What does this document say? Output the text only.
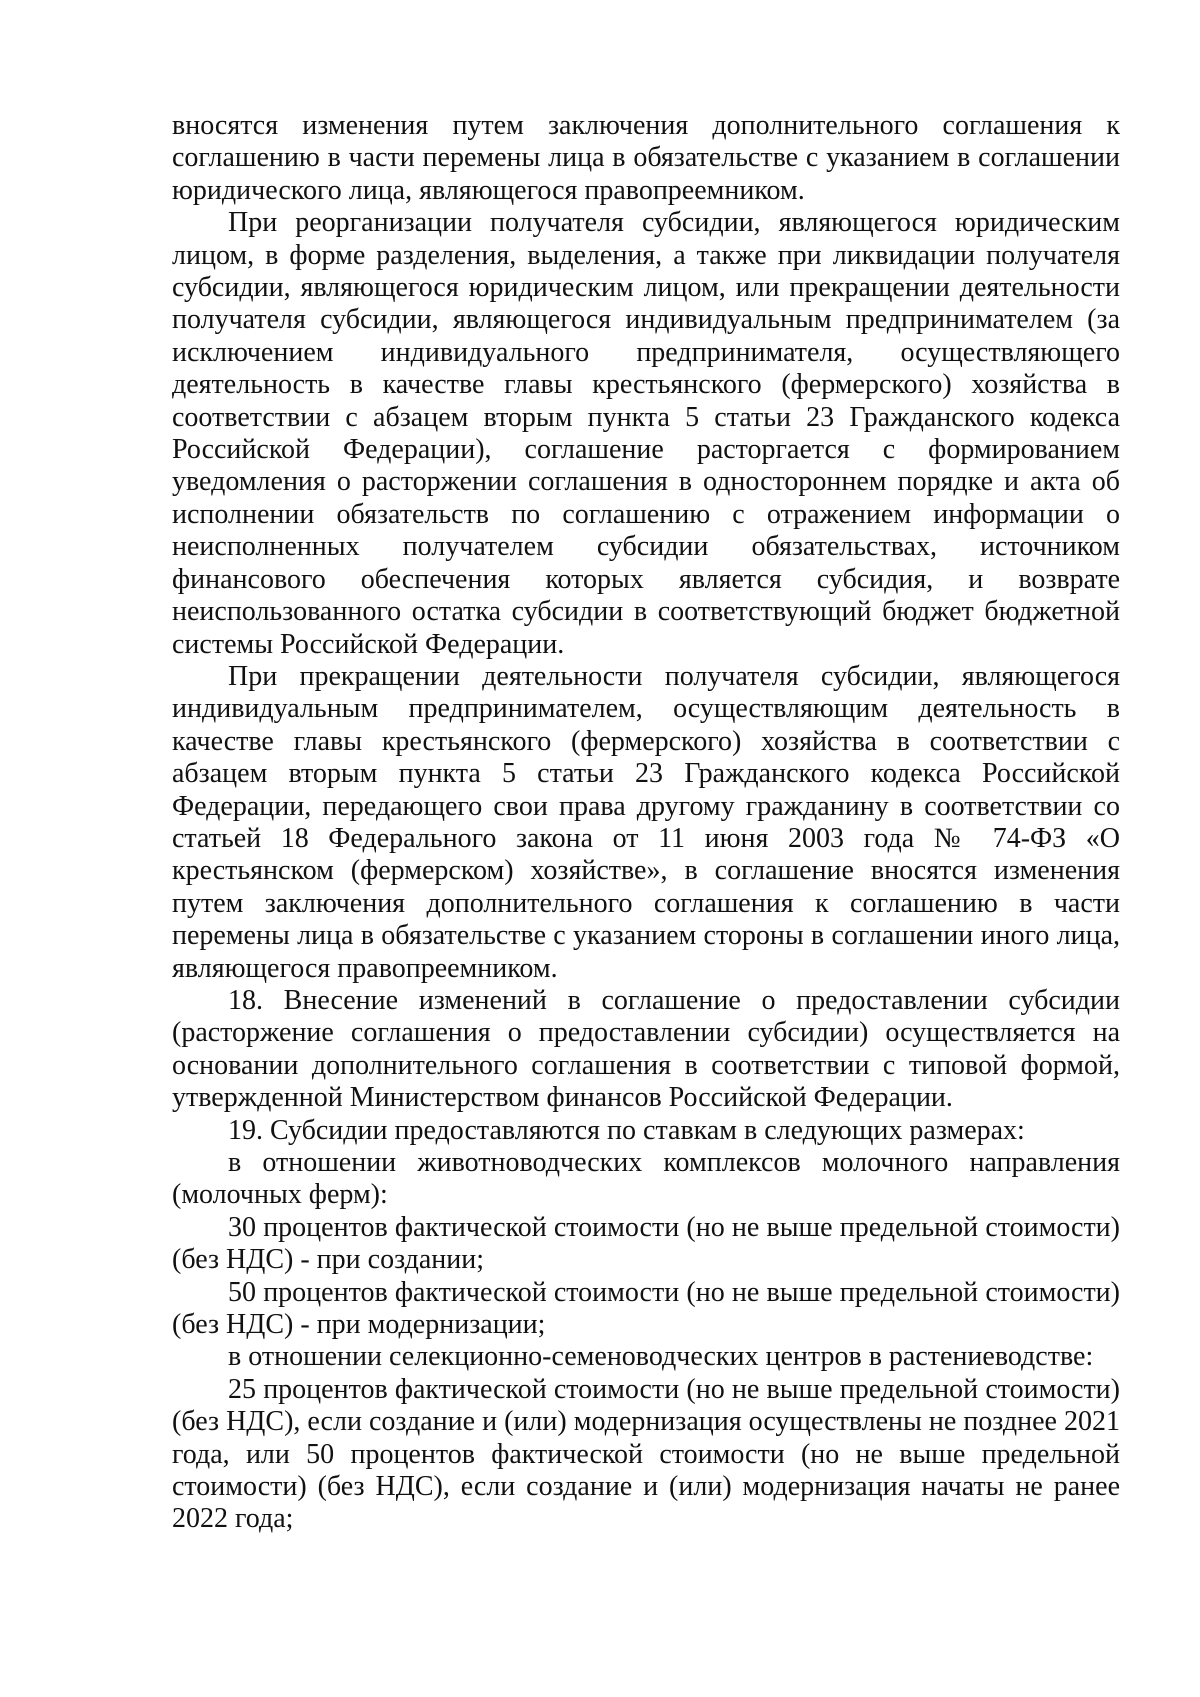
вносятся изменения путем заключения дополнительного соглашения к соглашению в части перемены лица в обязательстве с указанием в соглашении юридического лица, являющегося правопреемником.

При реорганизации получателя субсидии, являющегося юридическим лицом, в форме разделения, выделения, а также при ликвидации получателя субсидии, являющегося юридическим лицом, или прекращении деятельности получателя субсидии, являющегося индивидуальным предпринимателем (за исключением индивидуального предпринимателя, осуществляющего деятельность в качестве главы крестьянского (фермерского) хозяйства в соответствии с абзацем вторым пункта 5 статьи 23 Гражданского кодекса Российской Федерации), соглашение расторгается с формированием уведомления о расторжении соглашения в одностороннем порядке и акта об исполнении обязательств по соглашению с отражением информации о неисполненных получателем субсидии обязательствах, источником финансового обеспечения которых является субсидия, и возврате неиспользованного остатка субсидии в соответствующий бюджет бюджетной системы Российской Федерации.

При прекращении деятельности получателя субсидии, являющегося индивидуальным предпринимателем, осуществляющим деятельность в качестве главы крестьянского (фермерского) хозяйства в соответствии с абзацем вторым пункта 5 статьи 23 Гражданского кодекса Российской Федерации, передающего свои права другому гражданину в соответствии со статьей 18 Федерального закона от 11 июня 2003 года № 74-ФЗ «О крестьянском (фермерском) хозяйстве», в соглашение вносятся изменения путем заключения дополнительного соглашения к соглашению в части перемены лица в обязательстве с указанием стороны в соглашении иного лица, являющегося правопреемником.

18. Внесение изменений в соглашение о предоставлении субсидии (расторжение соглашения о предоставлении субсидии) осуществляется на основании дополнительного соглашения в соответствии с типовой формой, утвержденной Министерством финансов Российской Федерации.

19. Субсидии предоставляются по ставкам в следующих размерах:

в отношении животноводческих комплексов молочного направления (молочных ферм):

30 процентов фактической стоимости (но не выше предельной стоимости) (без НДС) - при создании;

50 процентов фактической стоимости (но не выше предельной стоимости) (без НДС) - при модернизации;

в отношении селекционно-семеноводческих центров в растениеводстве:

25 процентов фактической стоимости (но не выше предельной стоимости) (без НДС), если создание и (или) модернизация осуществлены не позднее 2021 года, или 50 процентов фактической стоимости (но не выше предельной стоимости) (без НДС), если создание и (или) модернизация начаты не ранее 2022 года;
